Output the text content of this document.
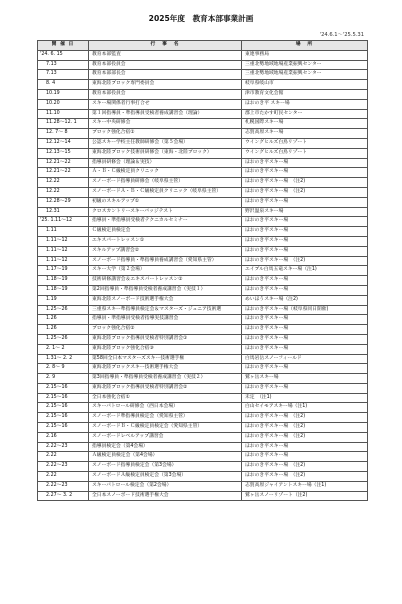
2025年度　教育本部事業計画
'24.6.1～'25.5.31
開 催 日	行　事　名	場　所
'24. 6. 15	教育本部監査	東連事務局
7.13	教育本部役員会	三重北勢地域地場産業振興センター
7.13	教育本部部長会	三重北勢地域地場産業振興センター
8. 4	東海北陸ブロック専門委員会	岐阜県岐山市
10.19	教育本部役員会	津市教育文化会館
10.20	スキー場関係者行事打合せ	ほおのき平 スキー場
11.10	第１回指導員・準指導員受検者養成講習会（理論）	郡上市たかす町民センター
11.28～12. 1	スキー中央研修会	札幌国際スキー場
12. 7～ 8	ブロック強化合宿①	志賀高原スキー場
12.12～14	公認スキー学校主任教師研修会（第５会場）	ウイングヒルズ白鳥リゾート
12.13～15	東海北陸ブロック技術員研修会（東海・北陸ブロック）	ウイングヒルズ白鳥リゾート
12.21～22	指導員研修会（理論＆実技）	ほおのき平スキー場
12.21～22	Ａ・Ｂ・Ｃ級検定員クリニック	ほおのき平スキー場
12.22	スノーボード指導員研修会（岐阜県主管）	ほおのき平スキー場　（注2)
12.22	スノーボードＡ・Ｂ・Ｃ級検定員クリニック（岐阜県主管）	ほおのき平スキー場　（注2)
12.28～29	初級のスキルアップ①	ほおのき平スキー場
12.31	クロスカントリースキーバッジテスト	野沢温泉スキー場
'25. 1.11～12	指導員・準指導員受検者テクニカルセミナー	ほおのき平スキー場
1.11	Ｃ級検定員検定会	ほおのき平スキー場
1.11～12	エキスパートレッスン①	ほおのき平スキー場
1.11～12	スキルアップ講習会②	ほおのき平スキー場
1.11～12	スノーボード指導員・準指導員養成講習会（愛知県主管）	ほおのき平スキー場　（注2)
1.17～19	スキー大学（第２会場）	エイブル白馬五竜スキー場（注1)
1.18～19	技術研修講習会＆エキスパートレッスン②	ほおのき平スキー場
1.18～19	第2回指導員・準指導員受検者養成講習会（実技１）	ほおのき平スキー場
1.19	東海北陸スノーボード技術選手権大会	めいほうスキー場（注2)
1.25～26	三重県スキー準指導員検定会＆マスターズ・ジュニア技術選	ほおのき平スキー場（岐阜県同日開催)
1.26	指導員・準指導員受検者指導実技講習会	ほおのき平スキー場
1.26	ブロック強化合宿②	ほおのき平スキー場
1.25～26	東海北陸ブロック指導員受検者特別講習会①	ほおのき平スキー場
2. 1～ 2	東海北陸ブロック強化合宿③	ほおのき平スキー場
1.31～ 2. 2	第58回全日本マスターズスキー技術選手権	白馬岩岳スノーフィールド
2. 8～ 9	東海北陸ブロックスキー技術選手権大会	ほおのき平スキー場
2. 9	第3回指導員・準指導員受検者養成講習会（実技２）	鷲ヶ岳スキー場
2.15～16	東海北陸ブロック指導員受検者特別講習会②	ほおのき平スキー場
2.15～16	全日本強化合宿①	未定　（注1)
2.15～16	スキーパトロール研修会（西日本会場）	白山セイモアスキー場（注1)
2.15～16	スノーボード準指導員検定会（愛知県主管）	ほおのき平スキー場　（注2)
2.15～16	スノーボードＢ・Ｃ級検定員検定会（愛知県主管）	ほおのき平スキー場　（注2)
2.16	スノーボードレベルアップ講習会	ほおのき平スキー場　（注2)
2.22～23	指導員検定会（第4会場）	ほおのき平スキー場
2.22	Ａ級検定員検定会（第4会場）	ほおのき平スキー場
2.22～23	スノーボード指導員検定会（第3会場）	ほおのき平スキー場　（注2)
2.22	スノーボードＡ級検定員検定会（第3会場）	ほおのき平スキー場　（注2)
2.22～23	スキーパトロール検定会（第2会場）	志賀高原ジャイアントスキー場（注1)
2.27～ 3. 2	全日本スノーボード技術選手権大会	鷲ヶ岳スノーリゾート（注2)
